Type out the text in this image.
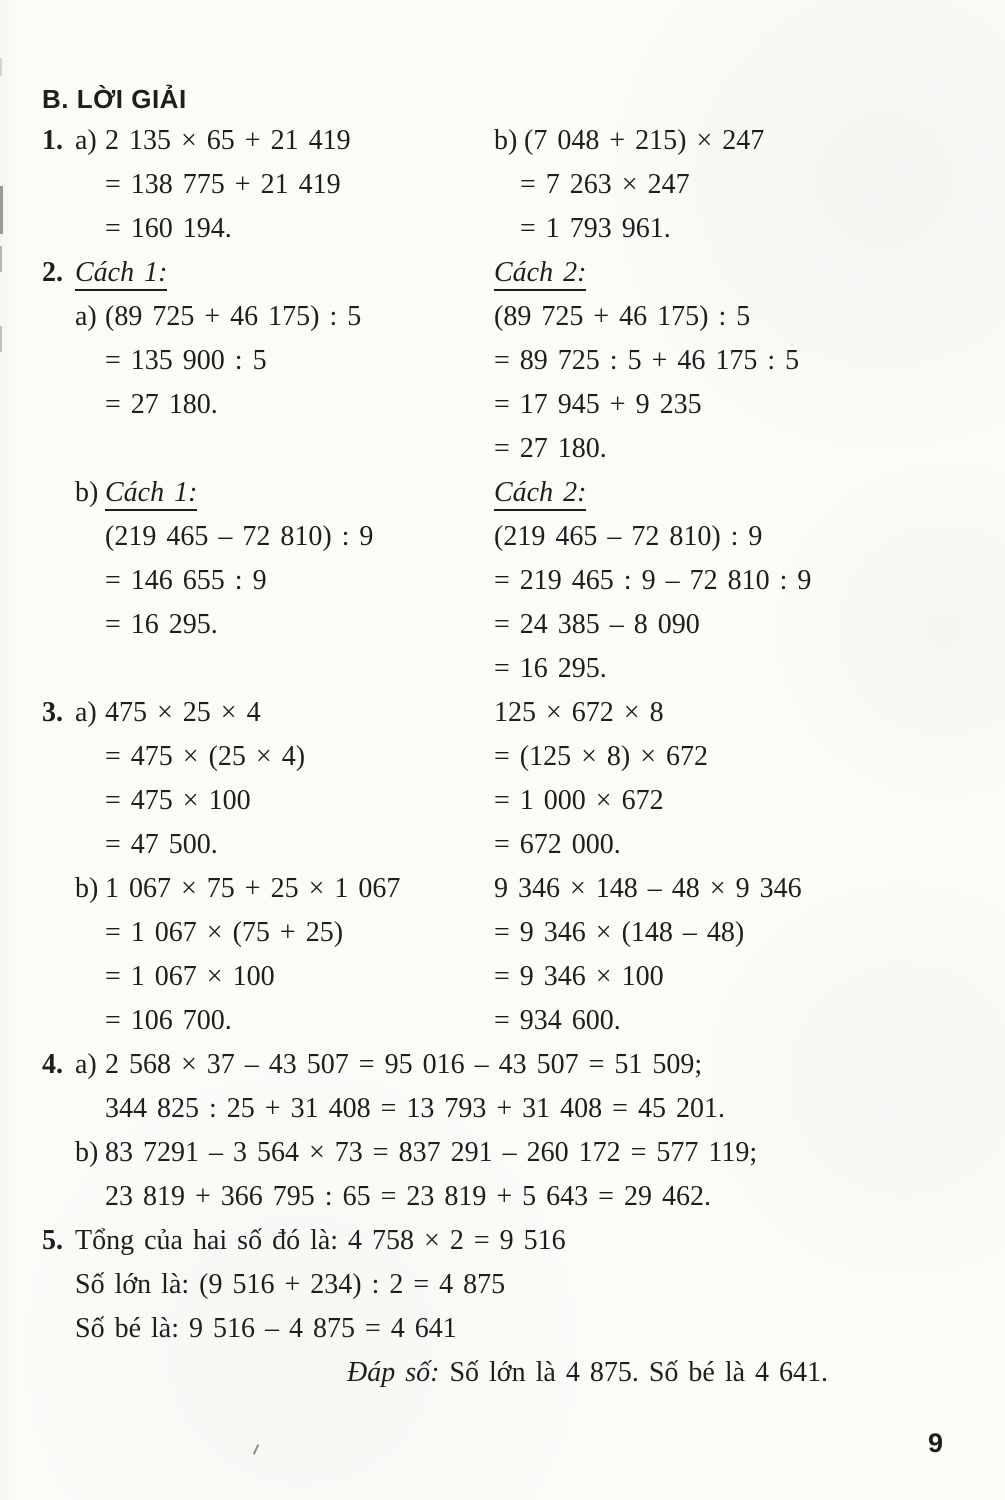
B. LỜI GIẢI
1. a) 2 135 × 65 + 21 419	b) (7 048 + 215) × 247
= 138 775 + 21 419	= 7 263 × 247
= 160 194.	= 1 793 961.
2. Cách 1:	Cách 2:
a) (89 725 + 46 175) : 5	(89 725 + 46 175) : 5
= 135 900 : 5	= 89 725 : 5 + 46 175 : 5
= 27 180.	= 17 945 + 9 235
= 27 180.
b) Cách 1:	Cách 2:
(219 465 – 72 810) : 9	(219 465 – 72 810) : 9
= 146 655 : 9	= 219 465 : 9 – 72 810 : 9
= 16 295.	= 24 385 – 8 090
= 16 295.
3. a) 475 × 25 × 4	125 × 672 × 8
= 475 × (25 × 4)	= (125 × 8) × 672
= 475 × 100	= 1 000 × 672
= 47 500.	= 672 000.
b) 1 067 × 75 + 25 × 1 067	9 346 × 148 – 48 × 9 346
= 1 067 × (75 + 25)	= 9 346 × (148 – 48)
= 1 067 × 100	= 9 346 × 100
= 106 700.	= 934 600.
4. a) 2 568 × 37 – 43 507 = 95 016 – 43 507 = 51 509;
344 825 : 25 + 31 408 = 13 793 + 31 408 = 45 201.
b) 83 7291 – 3 564 × 73 = 837 291 – 260 172 = 577 119;
23 819 + 366 795 : 65 = 23 819 + 5 643 = 29 462.
5. Tổng của hai số đó là: 4 758 × 2 = 9 516
Số lớn là: (9 516 + 234) : 2 = 4 875
Số bé là: 9 516 – 4 875 = 4 641
Đáp số: Số lớn là 4 875. Số bé là 4 641.
9
